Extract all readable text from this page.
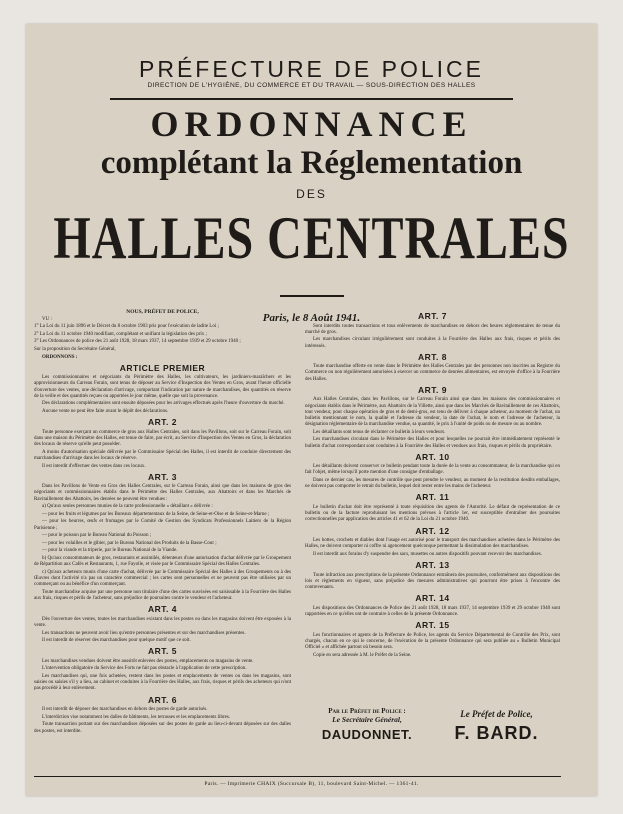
PRÉFECTURE DE POLICE
DIRECTION DE L'HYGIÈNE, DU COMMERCE ET DU TRAVAIL — SOUS-DIRECTION DES HALLES
ORDONNANCE
complétant la Réglementation
DES
HALLES CENTRALES
Paris, le 8 Août 1941.

NOUS, PRÉFET DE POLICE,

VU :

1° La Loi du 11 juin 1896 et le Décret du 8 octobre 1903 pris pour l'exécution de ladite Loi ;

2° La Loi du 11 octobre 1940 modifiant, complétant et unifiant la législation des prix ;

3° Les Ordonnances de police des 21 août 1928, 18 mars 1937, 14 septembre 1939 et 29 octobre 1940 ;

Sur la proposition du Secrétaire Général,

ORDONNONS :

ARTICLE PREMIER

Les commissionnaires et négociants du Périmètre des Halles, les cultivateurs, les jardiniers-maraîchers et les approvisionneurs du Carreau Forain, sont tenus de déposer au Service d'Inspection des Ventes en Gros, avant l'heure officielle d'ouverture des ventes, une déclaration d'arrivage, comportant l'indication par nature de marchandises, des quantités en réserve de la veille et des quantités reçues ou apportées le jour même, quelle que soit la provenance.

Des déclarations complémentaires sont ensuite déposées pour les arrivages effectués après l'heure d'ouverture du marché.

Aucune vente ne peut être faite avant le dépôt des déclarations.

ART. 2

Toute personne exerçant un commerce de gros aux Halles Centrales, soit dans les Pavillons, soit sur le Carreau Forain, soit dans une maison du Périmètre des Halles, est tenue de faire, par écrit, au Service d'Inspection des Ventes en Gros, la déclaration des locaux de réserve qu'elle peut posséder.

A moins d'autorisation spéciale délivrée par le Commissaire Spécial des Halles, il est interdit de conduire directement des marchandises d'arrivage dans les locaux de réserve.

Il est interdit d'effectuer des ventes dans ces locaux.

ART. 3

Dans les Pavillons de Vente en Gros des Halles Centrales, sur le Carreau Forain, ainsi que dans les maisons de gros des négociants et commissionnaires établis dans le Périmètre des Halles Centrales, aux Abattoirs et dans les Marchés de Ravitaillement des Abattoirs, les denrées ne peuvent être vendues :

a) Qu'aux seules personnes munies de la carte professionnelle « détaillant » délivrée :

— pour les fruits et légumes par les Bureaux départementaux de la Seine, de Seine-et-Oise et de Seine-et-Marne ;

— pour les beurres, œufs et fromages par le Comité de Gestion des Syndicats Professionnels Laitiers de la Région Parisienne ;

— pour le poisson par le Bureau National du Poisson ;

— pour les volailles et le gibier, par le Bureau National des Produits de la Basse-Cour ;

— pour la viande et la triperie, par le Bureau National de la Viande.

b) Qu'aux consommateurs de gros, restaurants et assimilés, détenteurs d'une autorisation d'achat délivrée par le Groupement de Répartition aux Cafés et Restaurants, 1, rue Fayolle, et visée par le Commissaire Spécial des Halles Centrales.

c) Qu'aux acheteurs munis d'une carte d'achat, délivrée par le Commissaire Spécial des Halles à des Groupements ou à des Œuvres dont l'activité n'a pas un caractère commercial ; les cartes sont personnelles et ne peuvent pas être utilisées par un commerçant ou au bénéfice d'un commerçant.

Toute marchandise acquise par une personne non titulaire d'une des cartes susvisées est saisissable à la Fourrière des Halles aux frais, risques et périls de l'acheteur, sans préjudice de poursuites contre le vendeur et l'acheteur.

ART. 4

Dès l'ouverture des ventes, toutes les marchandises existant dans les postes ou dans les magasins doivent être exposées à la vente.

Les transactions ne peuvent avoir lieu qu'entre personnes présentes et sur des marchandises présentes.

Il est interdit de réserver des marchandises pour quelque motif que ce soit.

ART. 5

Les marchandises vendues doivent être aussitôt enlevées des postes, emplacements ou magasins de vente.

L'intervention obligatoire du Service des Forts ne fait pas obstacle à l'application de cette prescription.

Les marchandises qui, une fois achetées, restent dans les postes et emplacements de ventes ou dans les magasins, sont saisies ou saisies s'il y a lieu, au cabinet et conduites à la Fourrière des Halles, aux frais, risques et périls des acheteurs qui n'ont pas procédé à leur enlèvement.

ART. 6

Il est interdit de déposer des marchandises en dehors des postes de garde autorisés.

L'interdiction vise notamment les dalles de bâtiments, les terrasses et les emplacements libres.

Toute transaction portant sur des marchandises déposées sur des postes de garde au lieu-ci-devant déposées sur des dalles des postes, est interdite.

ART. 7

Sont interdits toutes transactions et tous enlèvements de marchandises en dehors des heures réglementaires de tenue du marché de gros.

Les marchandises circulant irrégulièrement sont conduites à la Fourrière des Halles aux frais, risques et périls des intéressés.

ART. 8

Toute marchandise offerte en vente dans le Périmètre des Halles Centrales par des personnes non inscrites au Registre du Commerce ou non régulièrement autorisées à exercer un commerce de denrées alimentaires, est envoyée d'office à la Fourrière des Halles.

ART. 9

Aux Halles Centrales, dans les Pavillons, sur le Carreau Forain ainsi que dans les maisons des commissionnaires et négociants établis dans le Périmètre, aux Abattoirs de la Villette, ainsi que dans les Marchés de Ravitaillement de ces Abattoirs, tout vendeur, pour chaque opération de gros et de demi-gros, est tenu de délivrer à chaque acheteur, au moment de l'achat, un bulletin mentionnant le nom, la qualité et l'adresse du vendeur, la date de l'achat, le nom et l'adresse de l'acheteur, la désignation réglementaire de la marchandise vendue, sa quantité, le prix à l'unité de poids ou de mesure ou au nombre.

Les détaillants sont tenus de réclamer ce bulletin à leurs vendeurs.

Les marchandises circulant dans le Périmètre des Halles et pour lesquelles ne pourrait être immédiatement représenté le bulletin d'achat correspondant sont conduites à la Fourrière des Halles et vendues aux frais, risques et périls du propriétaire.

ART. 10

Les détaillants doivent conserver ce bulletin pendant toute la durée de la vente au consommateur, de la marchandise qui en fait l'objet, même lorsqu'il porte mention d'une consigne d'emballage.

Dans ce dernier cas, les mesures de contrôle que peut prendre le vendeur, au moment de la restitution desdits emballages, ne doivent pas comporter le retrait du bulletin, lequel doit rester entre les mains de l'acheteur.

ART. 11

Le bulletin d'achat doit être représenté à toute réquisition des agents de l'Autorité. Le défaut de représentation de ce bulletin ou de la facture reproduisant les mentions prévues à l'article 1er, est susceptible d'entraîner des poursuites correctionnelles par application des articles 41 et 62 de la Loi du 21 octobre 1940.

ART. 12

Les hottes, crochets et diables dont l'usage est autorisé pour le transport des marchandises achetées dans le Périmètre des Halles, ne doivent comporter ni coffre ni agencement quelconque permettant la dissimulation des marchandises.

Il est interdit aux forains d'y suspendre des sacs, musettes ou autres dispositifs pouvant recevoir des marchandises.

ART. 13

Toute infraction aux prescriptions de la présente Ordonnance entraînera des poursuites, conformément aux dispositions des lois et règlements en vigueur, sans préjudice des mesures administratives qui pourront être prises à l'encontre des contrevenants.

ART. 14

Les dispositions des Ordonnances de Police des 21 août 1928, 18 mars 1937, 14 septembre 1939 et 29 octobre 1940 sont rapportées en ce qu'elles ont de contraire à celles de la présente Ordonnance.

ART. 15

Les fonctionnaires et agents de la Préfecture de Police, les agents du Service Départemental de Contrôle des Prix, sont chargés, chacun en ce qui le concerne, de l'exécution de la présente Ordonnance qui sera publiée au « Bulletin Municipal Officiel » et affichée partout où besoin sera.

Copie en sera adressée à M. le Préfet de la Seine.

Par le Préfet de Police :
Le Secrétaire Général,
DAUDONNET.
Le Préfet de Police,
F. BARD.
Paris. — Imprimerie CHAIX (Succursale B), 11, boulevard Saint-Michel. — 1361-41.
